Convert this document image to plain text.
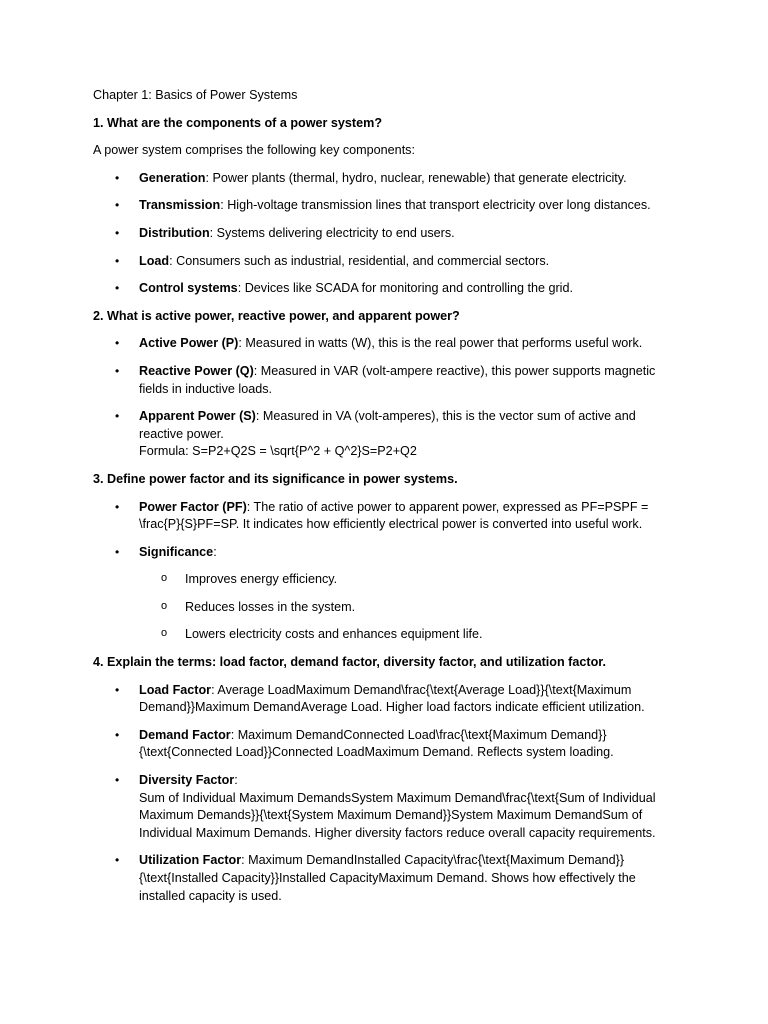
Chapter 1: Basics of Power Systems
1. What are the components of a power system?
A power system comprises the following key components:
• Generation: Power plants (thermal, hydro, nuclear, renewable) that generate electricity.
• Transmission: High-voltage transmission lines that transport electricity over long distances.
• Distribution: Systems delivering electricity to end users.
• Load: Consumers such as industrial, residential, and commercial sectors.
• Control systems: Devices like SCADA for monitoring and controlling the grid.
2. What is active power, reactive power, and apparent power?
• Active Power (P): Measured in watts (W), this is the real power that performs useful work.
• Reactive Power (Q): Measured in VAR (volt-ampere reactive), this power supports magnetic fields in inductive loads.
• Apparent Power (S): Measured in VA (volt-amperes), this is the vector sum of active and reactive power.
Formula: S=P2+Q2S = \sqrt{P^2 + Q^2}S=P2+Q2
3. Define power factor and its significance in power systems.
• Power Factor (PF): The ratio of active power to apparent power, expressed as PF=PSPF = \frac{P}{S}PF=SP. It indicates how efficiently electrical power is converted into useful work.
• Significance:
o Improves energy efficiency.
o Reduces losses in the system.
o Lowers electricity costs and enhances equipment life.
4. Explain the terms: load factor, demand factor, diversity factor, and utilization factor.
• Load Factor: Average LoadMaximum Demand\frac{\text{Average Load}}{\text{Maximum Demand}}Maximum DemandAverage Load. Higher load factors indicate efficient utilization.
• Demand Factor: Maximum DemandConnected Load\frac{\text{Maximum Demand}}{\text{Connected Load}}Connected LoadMaximum Demand. Reflects system loading.
• Diversity Factor:
Sum of Individual Maximum DemandsSystem Maximum Demand\frac{\text{Sum of Individual Maximum Demands}}{\text{System Maximum Demand}}System Maximum DemandSum of Individual Maximum Demands. Higher diversity factors reduce overall capacity requirements.
• Utilization Factor: Maximum DemandInstalled Capacity\frac{\text{Maximum Demand}}{\text{Installed Capacity}}Installed CapacityMaximum Demand. Shows how effectively the installed capacity is used.
